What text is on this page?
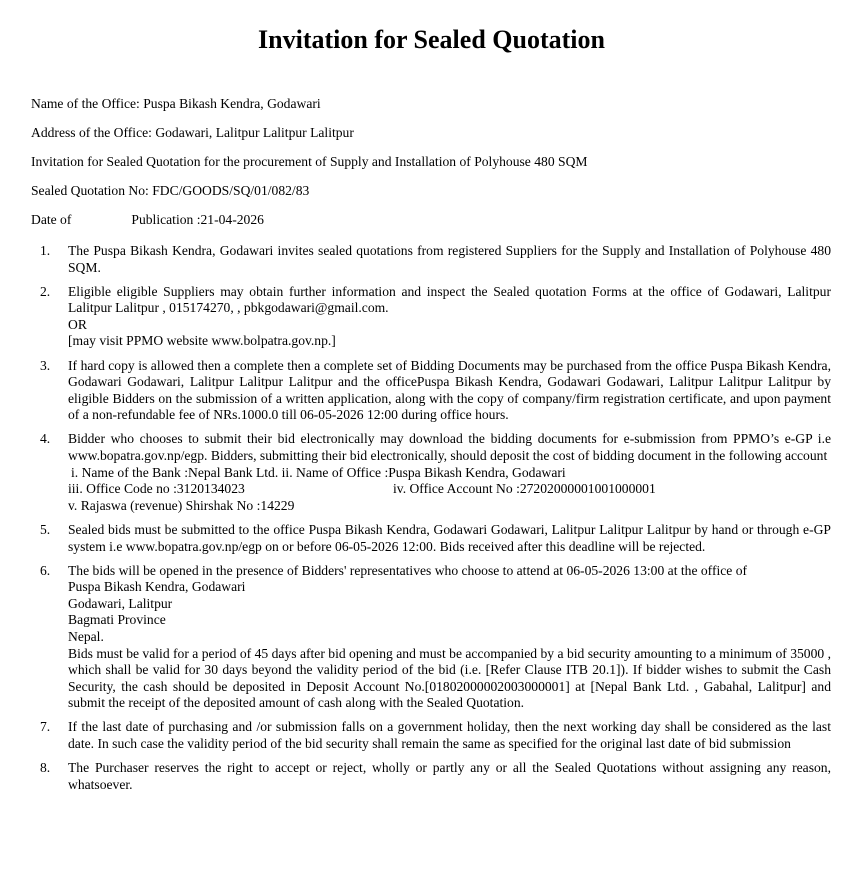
Invitation for Sealed Quotation
Name of the Office: Puspa Bikash Kendra, Godawari
Address of the Office: Godawari, Lalitpur Lalitpur Lalitpur
Invitation for Sealed Quotation for the procurement of Supply and Installation of Polyhouse 480 SQM
Sealed Quotation No: FDC/GOODS/SQ/01/082/83
Date of	Publication :21-04-2026
1. The Puspa Bikash Kendra, Godawari invites sealed quotations from registered Suppliers for the Supply and Installation of Polyhouse 480 SQM.
2. Eligible eligible Suppliers may obtain further information and inspect the Sealed quotation Forms at the office of Godawari, Lalitpur Lalitpur Lalitpur , 015174270, , pbkgodawari@gmail.com.
OR
[may visit PPMO website www.bolpatra.gov.np.]
3. If hard copy is allowed then a complete then a complete set of Bidding Documents may be purchased from the office Puspa Bikash Kendra, Godawari Godawari, Lalitpur Lalitpur Lalitpur and the officePuspa Bikash Kendra, Godawari Godawari, Lalitpur Lalitpur Lalitpur by eligible Bidders on the submission of a written application, along with the copy of company/firm registration certificate, and upon payment of a non-refundable fee of NRs.1000.0 till 06-05-2026 12:00 during office hours.
4. Bidder who chooses to submit their bid electronically may download the bidding documents for e-submission from PPMO’s e-GP i.e www.bopatra.gov.np/egp. Bidders, submitting their bid electronically, should deposit the cost of bidding document in the following account
i. Name of the Bank :Nepal Bank Ltd. ii. Name of Office :Puspa Bikash Kendra, Godawari
iii. Office Code no :3120134023	iv. Office Account No :27202000001001000001
v. Rajaswa (revenue) Shirshak No :14229
5. Sealed bids must be submitted to the office Puspa Bikash Kendra, Godawari Godawari, Lalitpur Lalitpur Lalitpur by hand or through e-GP system i.e www.bopatra.gov.np/egp on or before 06-05-2026 12:00. Bids received after this deadline will be rejected.
6. The bids will be opened in the presence of Bidders' representatives who choose to attend at 06-05-2026 13:00 at the office of
Puspa Bikash Kendra, Godawari
Godawari, Lalitpur
Bagmati Province
Nepal.
Bids must be valid for a period of 45 days after bid opening and must be accompanied by a bid security amounting to a minimum of 35000 , which shall be valid for 30 days beyond the validity period of the bid (i.e. [Refer Clause ITB 20.1]). If bidder wishes to submit the Cash Security, the cash should be deposited in Deposit Account No.[01802000002003000001] at [Nepal Bank Ltd. , Gabahal, Lalitpur] and submit the receipt of the deposited amount of cash along with the Sealed Quotation.
7. If the last date of purchasing and /or submission falls on a government holiday, then the next working day shall be considered as the last date. In such case the validity period of the bid security shall remain the same as specified for the original last date of bid submission
8. The Purchaser reserves the right to accept or reject, wholly or partly any or all the Sealed Quotations without assigning any reason, whatsoever.
